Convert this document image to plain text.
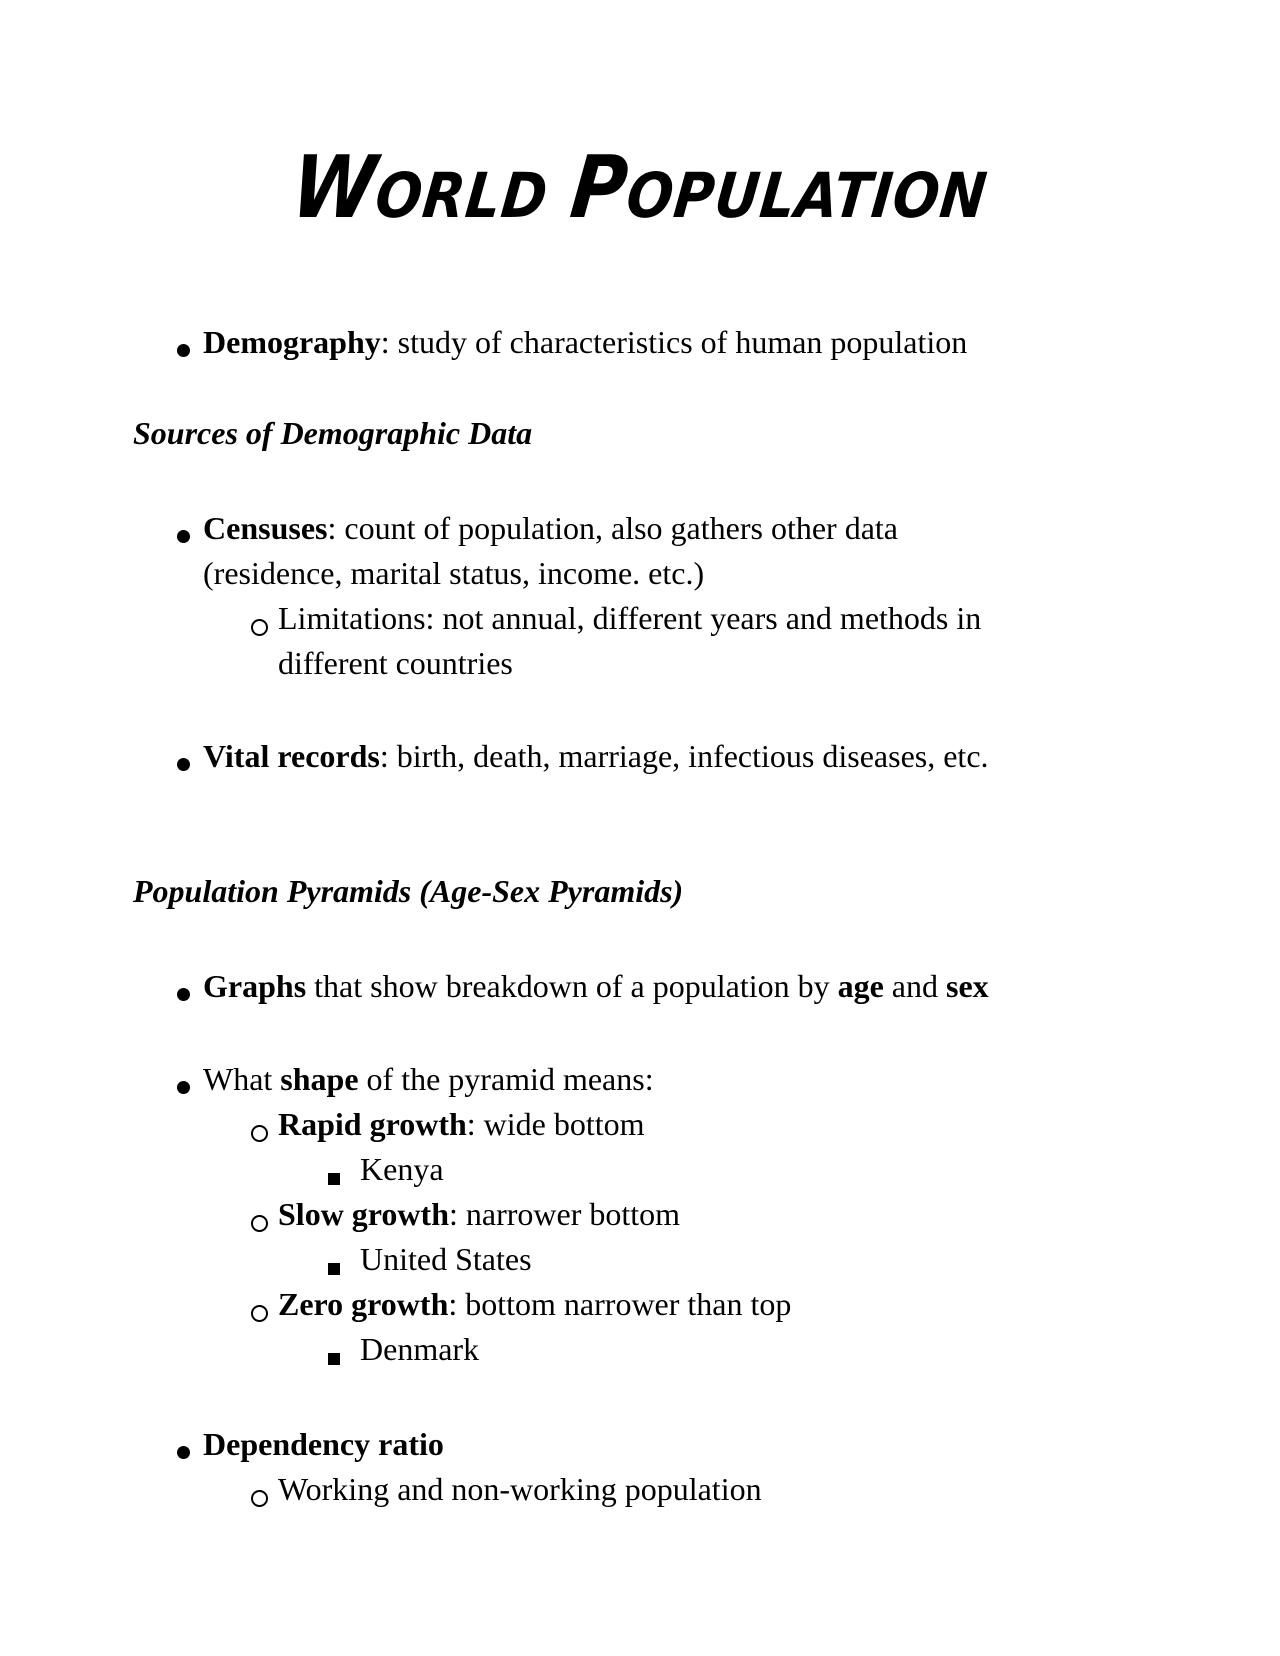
WORLD POPULATION
Demography: study of characteristics of human population
Sources of Demographic Data
Censuses: count of population, also gathers other data
(residence, marital status, income. etc.)
Limitations: not annual, different years and methods in
different countries
Vital records: birth, death, marriage, infectious diseases, etc.
Population Pyramids (Age-Sex Pyramids)
Graphs that show breakdown of a population by age and sex
What shape of the pyramid means:
Rapid growth: wide bottom
Kenya
Slow growth: narrower bottom
United States
Zero growth: bottom narrower than top
Denmark
Dependency ratio
Working and non-working population
